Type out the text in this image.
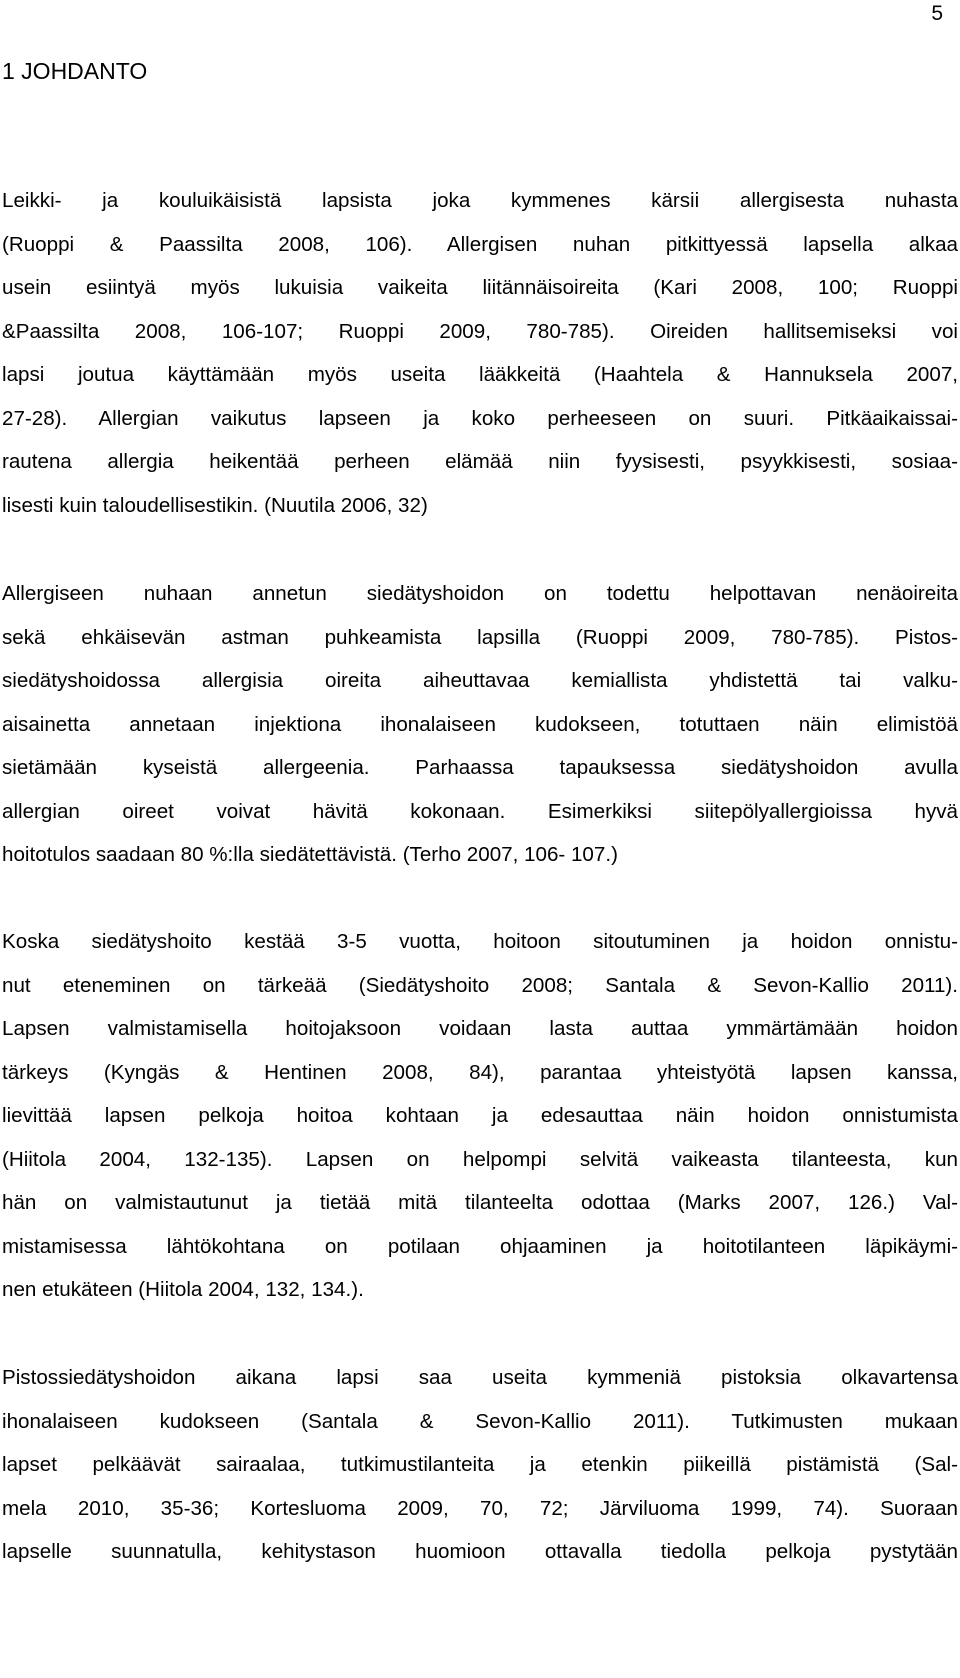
5
1 JOHDANTO
Leikki- ja kouluikäisistä lapsista joka kymmenes kärsii allergisesta nuhasta
(Ruoppi & Paassilta 2008, 106). Allergisen nuhan pitkittyessä lapsella alkaa
usein esiintyä myös lukuisia vaikeita liitännäisoireita (Kari 2008, 100; Ruoppi
&Paassilta 2008, 106-107; Ruoppi 2009, 780-785). Oireiden hallitsemiseksi voi
lapsi joutua käyttämään myös useita lääkkeitä (Haahtela & Hannuksela 2007,
27-28). Allergian vaikutus lapseen ja koko perheeseen on suuri. Pitkäaikaissai-
rautena allergia heikentää perheen elämää niin fyysisesti, psyykkisesti, sosiaa-
lisesti kuin taloudellisestikin. (Nuutila 2006, 32)
Allergiseen nuhaan annetun siedätyshoidon on todettu helpottavan nenäoireita
sekä ehkäisevän astman puhkeamista lapsilla (Ruoppi 2009, 780-785). Pistos-
siedätyshoidossa allergisia oireita aiheuttavaa kemiallista yhdistettä tai valku-
aisainetta annetaan injektiona ihonalaiseen kudokseen, totuttaen näin elimistöä
sietämään kyseistä allergeenia. Parhaassa tapauksessa siedätyshoidon avulla
allergian oireet voivat hävitä kokonaan. Esimerkiksi siitepölyallergioissa hyvä
hoitotulos saadaan 80 %:lla siedätettävistä. (Terho 2007, 106- 107.)
Koska siedätyshoito kestää 3-5 vuotta, hoitoon sitoutuminen ja hoidon onnistu-
nut eteneminen on tärkeää (Siedätyshoito 2008; Santala & Sevon-Kallio 2011).
Lapsen valmistamisella hoitojaksoon voidaan lasta auttaa ymmärtämään hoidon
tärkeys (Kyngäs & Hentinen 2008, 84), parantaa yhteistyötä lapsen kanssa,
lievittää lapsen pelkoja hoitoa kohtaan ja edesauttaa näin hoidon onnistumista
(Hiitola 2004, 132-135). Lapsen on helpompi selvitä vaikeasta tilanteesta, kun
hän on valmistautunut ja tietää mitä tilanteelta odottaa (Marks 2007, 126.) Val-
mistamisessa lähtökohtana on potilaan ohjaaminen ja hoitotilanteen läpikäymi-
nen etukäteen (Hiitola 2004, 132, 134.).
Pistossiedätyshoidon aikana lapsi saa useita kymmeniä pistoksia olkavartensa
ihonalaiseen kudokseen (Santala & Sevon-Kallio 2011). Tutkimusten mukaan
lapset pelkäävät sairaalaa, tutkimustilanteita ja etenkin piikeillä pistämistä (Sal-
mela 2010, 35-36; Kortesluoma 2009, 70, 72; Järviluoma 1999, 74). Suoraan
lapselle suunnatulla, kehitystason huomioon ottavalla tiedolla pelkoja pystytään
